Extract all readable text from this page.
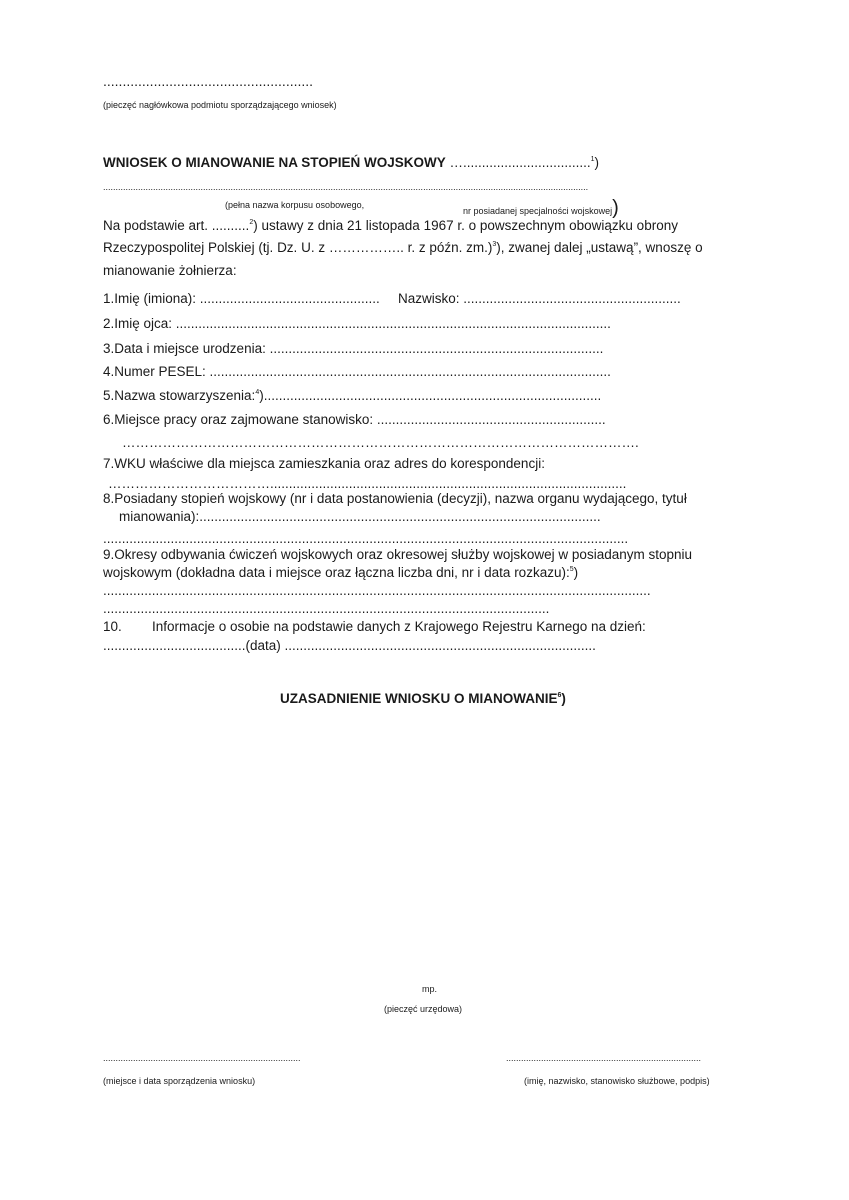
......................................................
(pieczęć nagłówkowa podmiotu sporządzającego wniosek)
WNIOSEK O MIANOWANIE NA STOPIEŃ WOJSKOWY …..................................$^1$)
..................................................................................................................................................................................................
(pełna nazwa korpusu osobowego,
nr posiadanej specjalności wojskowej)
Na podstawie art. ..........$^2$) ustawy z dnia 21 listopada 1967 r. o powszechnym obowiązku obrony
Rzeczypospolitej Polskiej (tj. Dz. U. z …………….. r. z późn. zm.)$^3$), zwanej dalej „ustawą”, wnoszę o
mianowanie żołnierza:
1.Imię (imiona): ................................................ Nazwisko: ..........................................................
2.Imię ojca: ....................................................................................................................
3.Data i miejsce urodzenia: .........................................................................................
4.Numer PESEL: ...........................................................................................................
5.Nazwa stowarzyszenia:$^4$)..........................................................................................
6.Miejsce pracy oraz zajmowane stanowisko: .............................................................
…………………………………………………………………………………………………….
7.WKU właściwe dla miejsca zamieszkania oraz adres do korespondencji:
………………………………...............................................................................................
8.Posiadany stopień wojskowy (nr i data postanowienia (decyzji), nazwa organu wydającego, tytuł
mianowania):...........................................................................................................
............................................................................................................................................
9.Okresy odbywania ćwiczeń wojskowych oraz okresowej służby wojskowej w posiadanym stopniu
wojskowym (dokładna data i miejsce oraz łączna liczba dni, nr i data rozkazu):$^5$)
..................................................................................................................................................
.......................................................................................................................
10. Informacje o osobie na podstawie danych z Krajowego Rejestru Karnego na dzień:
......................................(data) ...................................................................................
UZASADNIENIE WNIOSKU O MIANOWANIE$^6$)
mp.
(pieczęć urzędowa)
...............................................................................
(miejsce i data sporządzenia wniosku)
..............................................................................
(imię, nazwisko, stanowisko służbowe, podpis)
